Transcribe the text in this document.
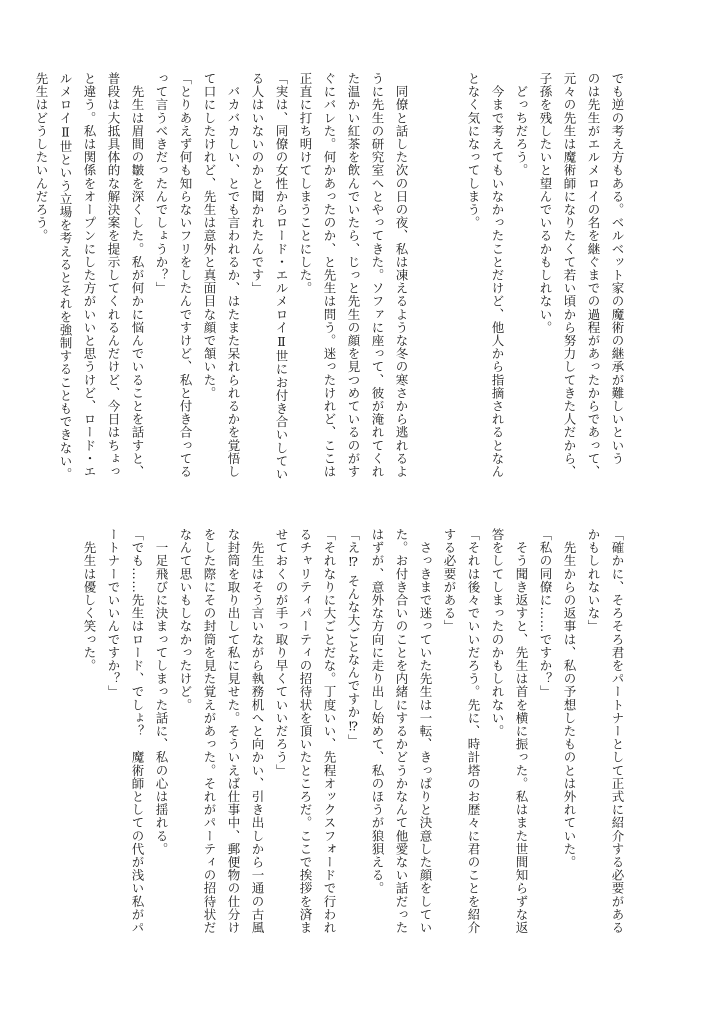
でも逆の考え方もある。ベルベット家の魔術の継承が難しいという
のは先生がエルメロイの名を継ぐまでの過程があったからであって、
元々の先生は魔術師になりたくて若い頃から努力してきた人だから、
子孫を残したいと望んでいるかもしれない。
　どっちだろう。
　今まで考えてもいなかったことだけど、他人から指摘されるとなん
となく気になってしまう。

　同僚と話した次の日の夜、私は凍えるような冬の寒さから逃れるよ
うに先生の研究室へとやってきた。ソファに座って、彼が淹れてくれ
た温かい紅茶を飲んでいたら、じっと先生の顔を見つめているのがす
ぐにバレた。何かあったのか、と先生は問う。迷ったけれど、ここは
正直に打ち明けてしまうことにした。
「実は、同僚の女性からロード・エルメロイⅡ世にお付き合いしてい
る人はいないのかと聞かれたんです」
　バカバカしい、とでも言われるか、はたまた呆れられるかを覚悟し
て口にしたけれど、先生は意外と真面目な顔で頷いた。
「とりあえず何も知らないフリをしたんですけど、私と付き合ってる
って言うべきだったんでしょうか？」
　先生は眉間の皺を深くした。私が何かに悩んでいることを話すと、
普段は大抵具体的な解決案を提示してくれるんだけど、今日はちょっ
と違う。私は関係をオープンにした方がいいと思うけど、ロード・エ
ルメロイⅡ世という立場を考えるとそれを強制することもできない。
先生はどうしたいんだろう。
「確かに、そろそろ君をパートナーとして正式に紹介する必要がある
かもしれないな」
　先生からの返事は、私の予想したものとは外れていた。
「私の同僚に……ですか？」
　そう聞き返すと、先生は首を横に振った。私はまた世間知らずな返
答をしてしまったのかもしれない。
「それは後々でいいだろう。先に、時計塔のお歴々に君のことを紹介
する必要がある」
　さっきまで迷っていた先生は一転、きっぱりと決意した顔をしてい
た。お付き合いのことを内緒にするかどうかなんて他愛ない話だった
はずが、意外な方向に走り出し始めて、私のほうが狼狽える。
「え⁉ そんな大ごとなんですか⁉」
「それなりに大ごとだな。丁度いい、先程オックスフォードで行われ
るチャリティパーティの招待状を頂いたところだ。ここで挨拶を済ま
せておくのが手っ取り早くていいだろう」
　先生はそう言いながら執務机へと向かい、引き出しから一通の古風
な封筒を取り出して私に見せた。そういえば仕事中、郵便物の仕分け
をした際にその封筒を見た覚えがあった。それがパーティの招待状だ
なんて思いもしなかったけど。
　一足飛びに決まってしまった話に、私の心は揺れる。
「でも……先生はロード、でしょ？　魔術師としての代が浅い私がパ
ートナーでいいんですか？」
　先生は優しく笑った。
